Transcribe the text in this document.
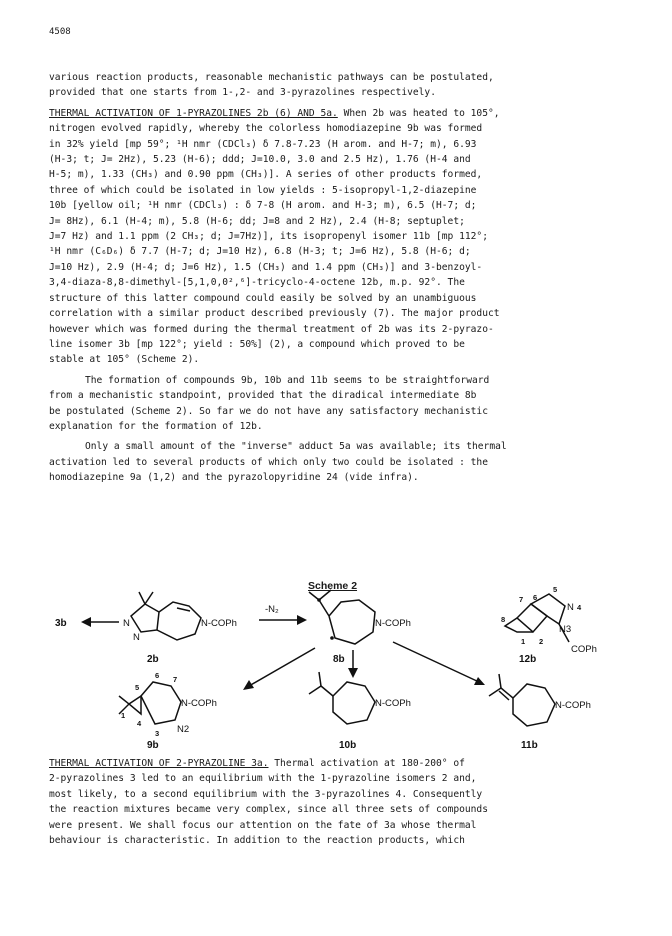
4508

various reaction products, reasonable mechanistic pathways can be postulated,

provided that one starts from 1-,2- and 3-pyrazolines respectively.

THERMAL ACTIVATION OF 1-PYRAZOLINES 2b (6) AND 5a. When 2b was heated to 105°,

nitrogen evolved rapidly, whereby the colorless homodiazepine 9b was formed

in 32% yield [mp 59°; ¹H nmr (CDCl₃) δ 7.8-7.23 (H arom. and H-7; m), 6.93

(H-3; t; J= 2Hz), 5.23 (H-6); ddd; J=10.0, 3.0 and 2.5 Hz), 1.76 (H-4 and

H-5; m), 1.33 (CH₃) and 0.90 ppm (CH₃)]. A series of other products formed,

three of which could be isolated in low yields : 5-isopropyl-1,2-diazepine

10b [yellow oil; ¹H nmr (CDCl₃) : δ 7-8 (H arom. and H-3; m), 6.5 (H-7; d;

J= 8Hz), 6.1 (H-4; m), 5.8 (H-6; dd; J=8 and 2 Hz), 2.4 (H-8; septuplet;

J=7 Hz) and 1.1 ppm (2 CH₃; d; J=7Hz)], its isopropenyl isomer 11b [mp 112°;

¹H nmr (C₆D₆) δ 7.7 (H-7; d; J=10 Hz), 6.8 (H-3; t; J=6 Hz), 5.8 (H-6; d;

J=10 Hz), 2.9 (H-4; d; J=6 Hz), 1.5 (CH₃) and 1.4 ppm (CH₃)] and 3-benzoyl-

3,4-diaza-8,8-dimethyl-[5,1,0,0²,⁶]-tricyclo-4-octene 12b, m.p. 92°. The

structure of this latter compound could easily be solved by an unambiguous

correlation with a similar product described previously (7). The major product

however which was formed during the thermal treatment of 2b was its 2-pyrazo-

line isomer 3b [mp 122°; yield : 50%] (2), a compound which proved to be

stable at 105° (Scheme 2).

The formation of compounds 9b, 10b and 11b seems to be straightforward

from a mechanistic standpoint, provided that the diradical intermediate 8b

be postulated (Scheme 2). So far we do not have any satisfactory mechanistic

explanation for the formation of 12b.

Only a small amount of the "inverse" adduct 5a was available; its thermal

activation led to several products of which only two could be isolated : the

homodiazepine 9a (1,2) and the pyrazolopyridine 24 (vide infra).

Scheme 2
3b	N
N
N-COPh
2b
-N₂
N-COPh
8b
7 6
5
8
1 2
N 4
N3
COPh
12b
5
6 7
4
3
1
N2
N-COPh
9b
N-COPh
10b
N-COPh
11b

THERMAL ACTIVATION OF 2-PYRAZOLINE 3a. Thermal activation at 180-200° of

2-pyrazolines 3 led to an equilibrium with the 1-pyrazoline isomers 2 and,

most likely, to a second equilibrium with the 3-pyrazolines 4. Consequently

the reaction mixtures became very complex, since all three sets of compounds

were present. We shall focus our attention on the fate of 3a whose thermal

behaviour is characteristic. In addition to the reaction products, which
